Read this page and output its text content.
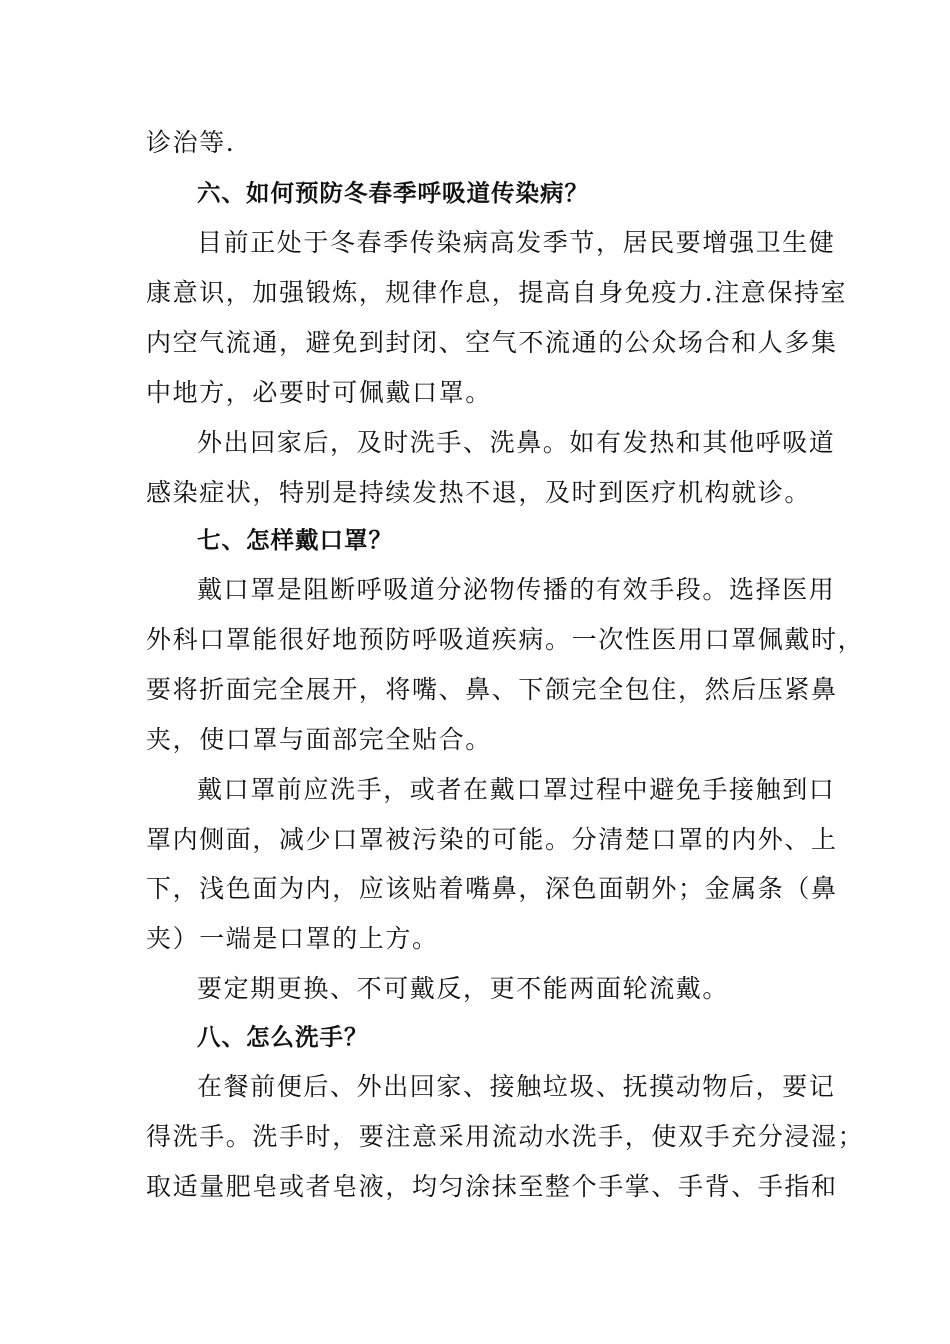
诊治等.

六、如何预防冬春季呼吸道传染病？

目前正处于冬春季传染病高发季节，居民要增强卫生健

康意识，加强锻炼，规律作息，提高自身免疫力.注意保持室

内空气流通，避免到封闭、空气不流通的公众场合和人多集

中地方，必要时可佩戴口罩。

外出回家后，及时洗手、洗鼻。如有发热和其他呼吸道

感染症状，特别是持续发热不退，及时到医疗机构就诊。

七、怎样戴口罩？

戴口罩是阻断呼吸道分泌物传播的有效手段。选择医用

外科口罩能很好地预防呼吸道疾病。一次性医用口罩佩戴时，

要将折面完全展开，将嘴、鼻、下颌完全包住，然后压紧鼻

夹，使口罩与面部完全贴合。

戴口罩前应洗手，或者在戴口罩过程中避免手接触到口

罩内侧面，减少口罩被污染的可能。分清楚口罩的内外、上

下，浅色面为内，应该贴着嘴鼻，深色面朝外；金属条（鼻

夹）一端是口罩的上方。

要定期更换、不可戴反，更不能两面轮流戴。

八、怎么洗手？

在餐前便后、外出回家、接触垃圾、抚摸动物后，要记

得洗手。洗手时，要注意采用流动水洗手，使双手充分浸湿；

取适量肥皂或者皂液，均匀涂抹至整个手掌、手背、手指和
